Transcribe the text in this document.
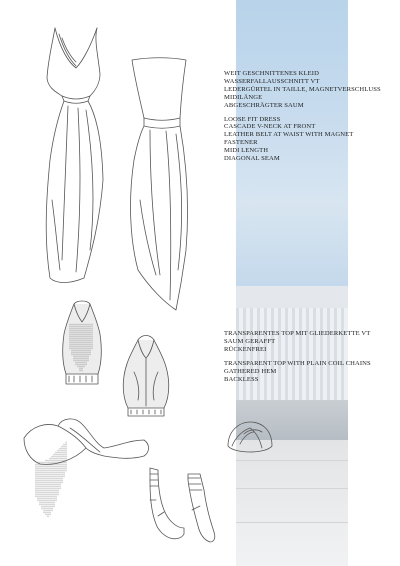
WEIT GESCHNITTENES KLEID
WASSERFALLAUSSCHNITT VT
LEDERGÜRTEL IN TAILLE, MAGNETVERSCHLUSS
MIDILÄNGE
ABGESCHRÄGTER SAUM
LOOSE FIT DRESS
CASCADE V-NECK AT FRONT
LEATHER BELT AT WAIST WITH MAGNET
FASTENER
MIDI LENGTH
DIAGONAL SEAM
TRANSPARENTES TOP MIT GLIEDERKETTE VT
SAUM GERAFFT
RÜCKENFREI
TRANSPARENT TOP WITH PLAIN COIL CHAINS
GATHERED HEM
BACKLESS
